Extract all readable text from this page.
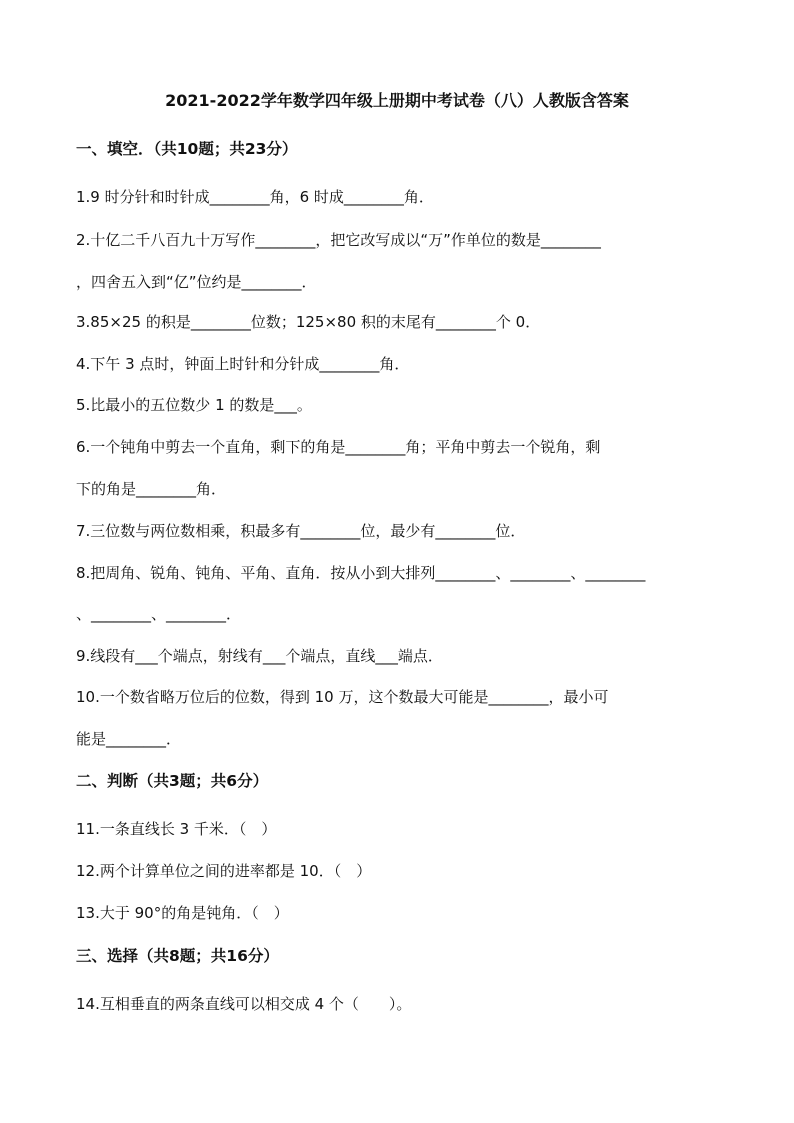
2021-2022学年数学四年级上册期中考试卷（八）人教版含答案
一、填空．（共10题；共23分）
1.9 时分针和时针成________角，6 时成________角．
2.十亿二千八百九十万写作________，把它改写成以“万”作单位的数是________
，四舍五入到“亿”位约是________．
3.85×25 的积是________位数；125×80 积的末尾有________个 0．
4.下午 3 点时，钟面上时针和分针成________角．
5.比最小的五位数少 1 的数是___。
6.一个钝角中剪去一个直角，剩下的角是________角；平角中剪去一个锐角，剩
下的角是________角．
7.三位数与两位数相乘，积最多有________位，最少有________位．
8.把周角、锐角、钝角、平角、直角．按从小到大排列________、________、________
、________、________．
9.线段有___个端点，射线有___个端点，直线___端点．
10.一个数省略万位后的位数，得到 10 万，这个数最大可能是________，最小可
能是________．
二、判断（共3题；共6分）
11.一条直线长 3 千米．（　）
12.两个计算单位之间的进率都是 10．（　）
13.大于 90°的角是钝角．（　）
三、选择（共8题；共16分）
14.互相垂直的两条直线可以相交成 4 个（　　）。
